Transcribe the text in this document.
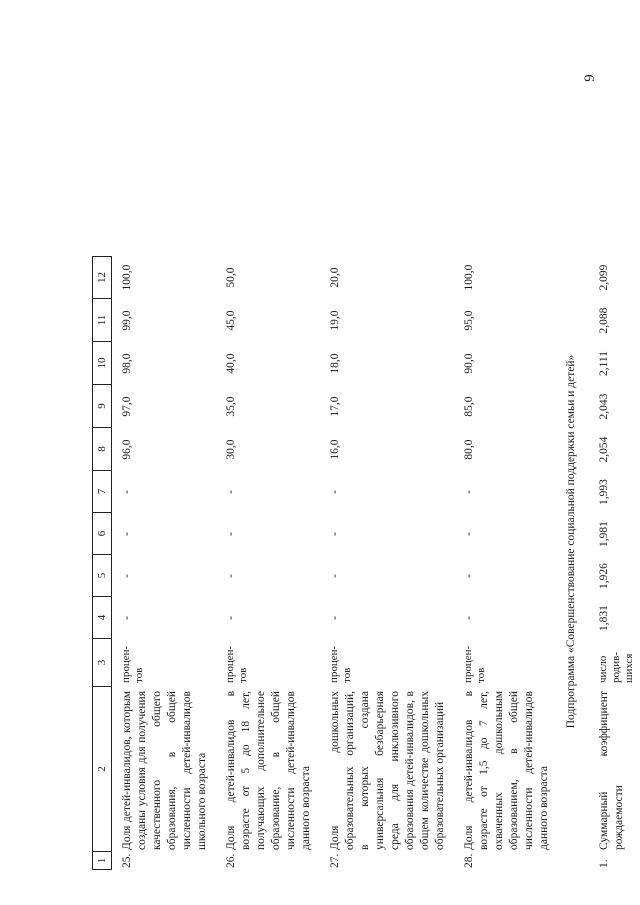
9
1
2
3
4
5
6
7
8
9
10
11
12
25.
Доля детей-инвалидов, которым созданы условия для получения качественного общего образования, в общей численности детей-инвалидов школьного возраста
процен-тов
-
-
-
-
96,0
97,0
98,0
99,0
100,0
26.
Доля детей-инвалидов в возрасте от 5 до 18 лет, получающих дополнительное образование, в общей численности детей-инвалидов данного возраста
процен-тов
-
-
-
-
30,0
35,0
40,0
45,0
50,0
27.
Доля дошкольных образовательных организаций, в которых создана универсальная безбарьерная среда для инклюзивного образования детей-инвалидов, в общем количестве дошкольных образовательных организаций
процен-тов
-
-
-
-
16,0
17,0
18,0
19,0
20,0
28.
Доля детей-инвалидов в возрасте от 1,5 до 7 лет, охваченных дошкольным образованием, в общей численности детей-инвалидов данного возраста
процен-тов
-
-
-
-
80,0
85,0
90,0
95,0
100,0
Подпрограмма «Совершенствование социальной поддержки семьи и детей»
1.
Суммарный коэффициент рождаемости
число родив-шихся
1,831
1,926
1,981
1,993
2,054
2,043
2,111
2,088
2,099
